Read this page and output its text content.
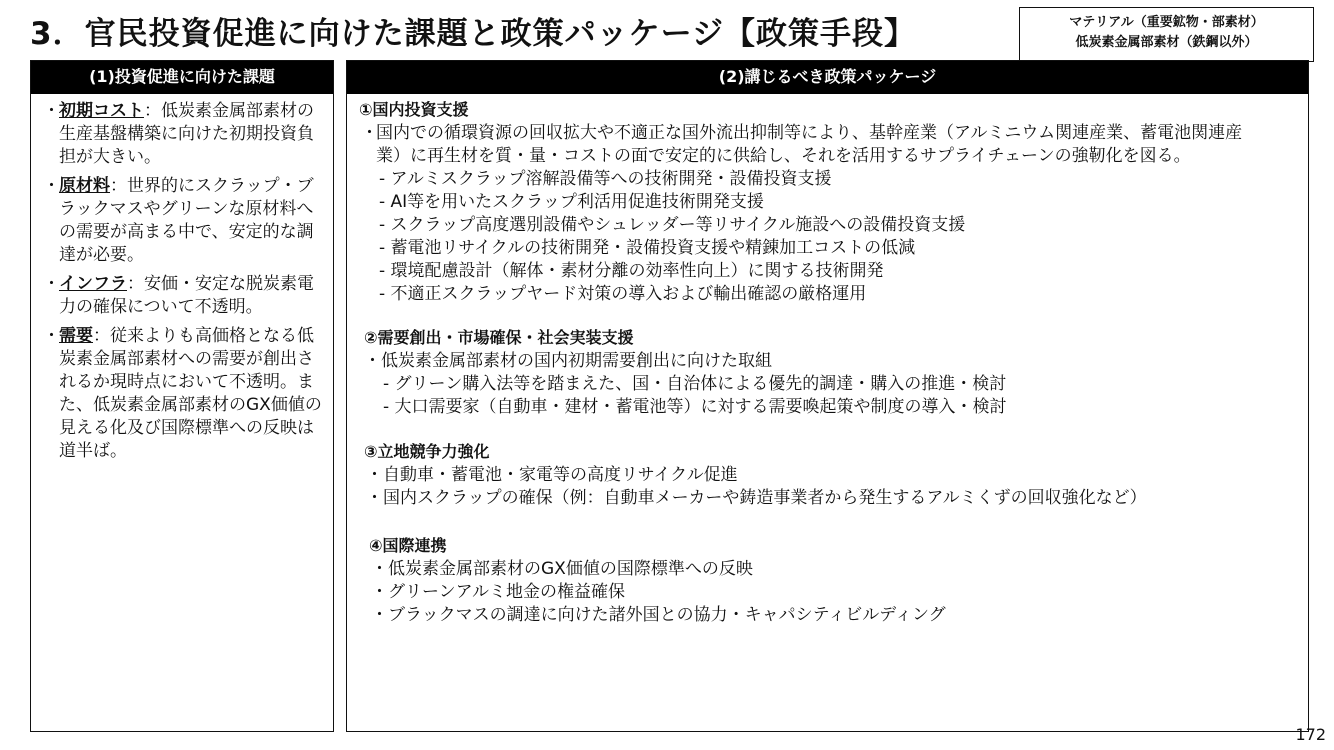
3．官民投資促進に向けた課題と政策パッケージ【政策手段】	マテリアル（重要鉱物・部素材）
低炭素金属部素材（鉄鋼以外）
(1)投資促進に向けた課題
・ 初期コスト：低炭素金属部素材の生産基盤構築に向けた初期投資負担が大きい。
・ 原材料：世界的にスクラップ・ブラックマスやグリーンな原材料への需要が高まる中で、安定的な調達が必要。
・ インフラ：安価・安定な脱炭素電力の確保について不透明。
・ 需要：従来よりも高価格となる低炭素金属部素材への需要が創出されるか現時点において不透明。また、低炭素金属部素材のGX価値の見える化及び国際標準への反映は道半ば。
(2)講じるべき政策パッケージ
①国内投資支援
・
国内での循環資源の回収拡大や不適正な国外流出抑制等により、基幹産業（アルミニウム関連産業、蓄電池関連産業）に再生材を質・量・コストの面で安定的に供給し、それを活用するサプライチェーンの強靭化を図る。
- アルミスクラップ溶解設備等への技術開発・設備投資支援
- AI等を用いたスクラップ利活用促進技術開発支援
- スクラップ高度選別設備やシュレッダー等リサイクル施設への設備投資支援
- 蓄電池リサイクルの技術開発・設備投資支援や精錬加工コストの低減
- 環境配慮設計（解体・素材分離の効率性向上）に関する技術開発
- 不適正スクラップヤード対策の導入および輸出確認の厳格運用
②需要創出・市場確保・社会実装支援
・低炭素金属部素材の国内初期需要創出に向けた取組
- グリーン購入法等を踏まえた、国・自治体による優先的調達・購入の推進・検討
- 大口需要家（自動車・建材・蓄電池等）に対する需要喚起策や制度の導入・検討
③立地競争力強化
・自動車・蓄電池・家電等の高度リサイクル促進
・国内スクラップの確保（例：自動車メーカーや鋳造事業者から発生するアルミくずの回収強化など）
④国際連携
・低炭素金属部素材のGX価値の国際標準への反映
・グリーンアルミ地金の権益確保
・ブラックマスの調達に向けた諸外国との協力・キャパシティビルディング
172
